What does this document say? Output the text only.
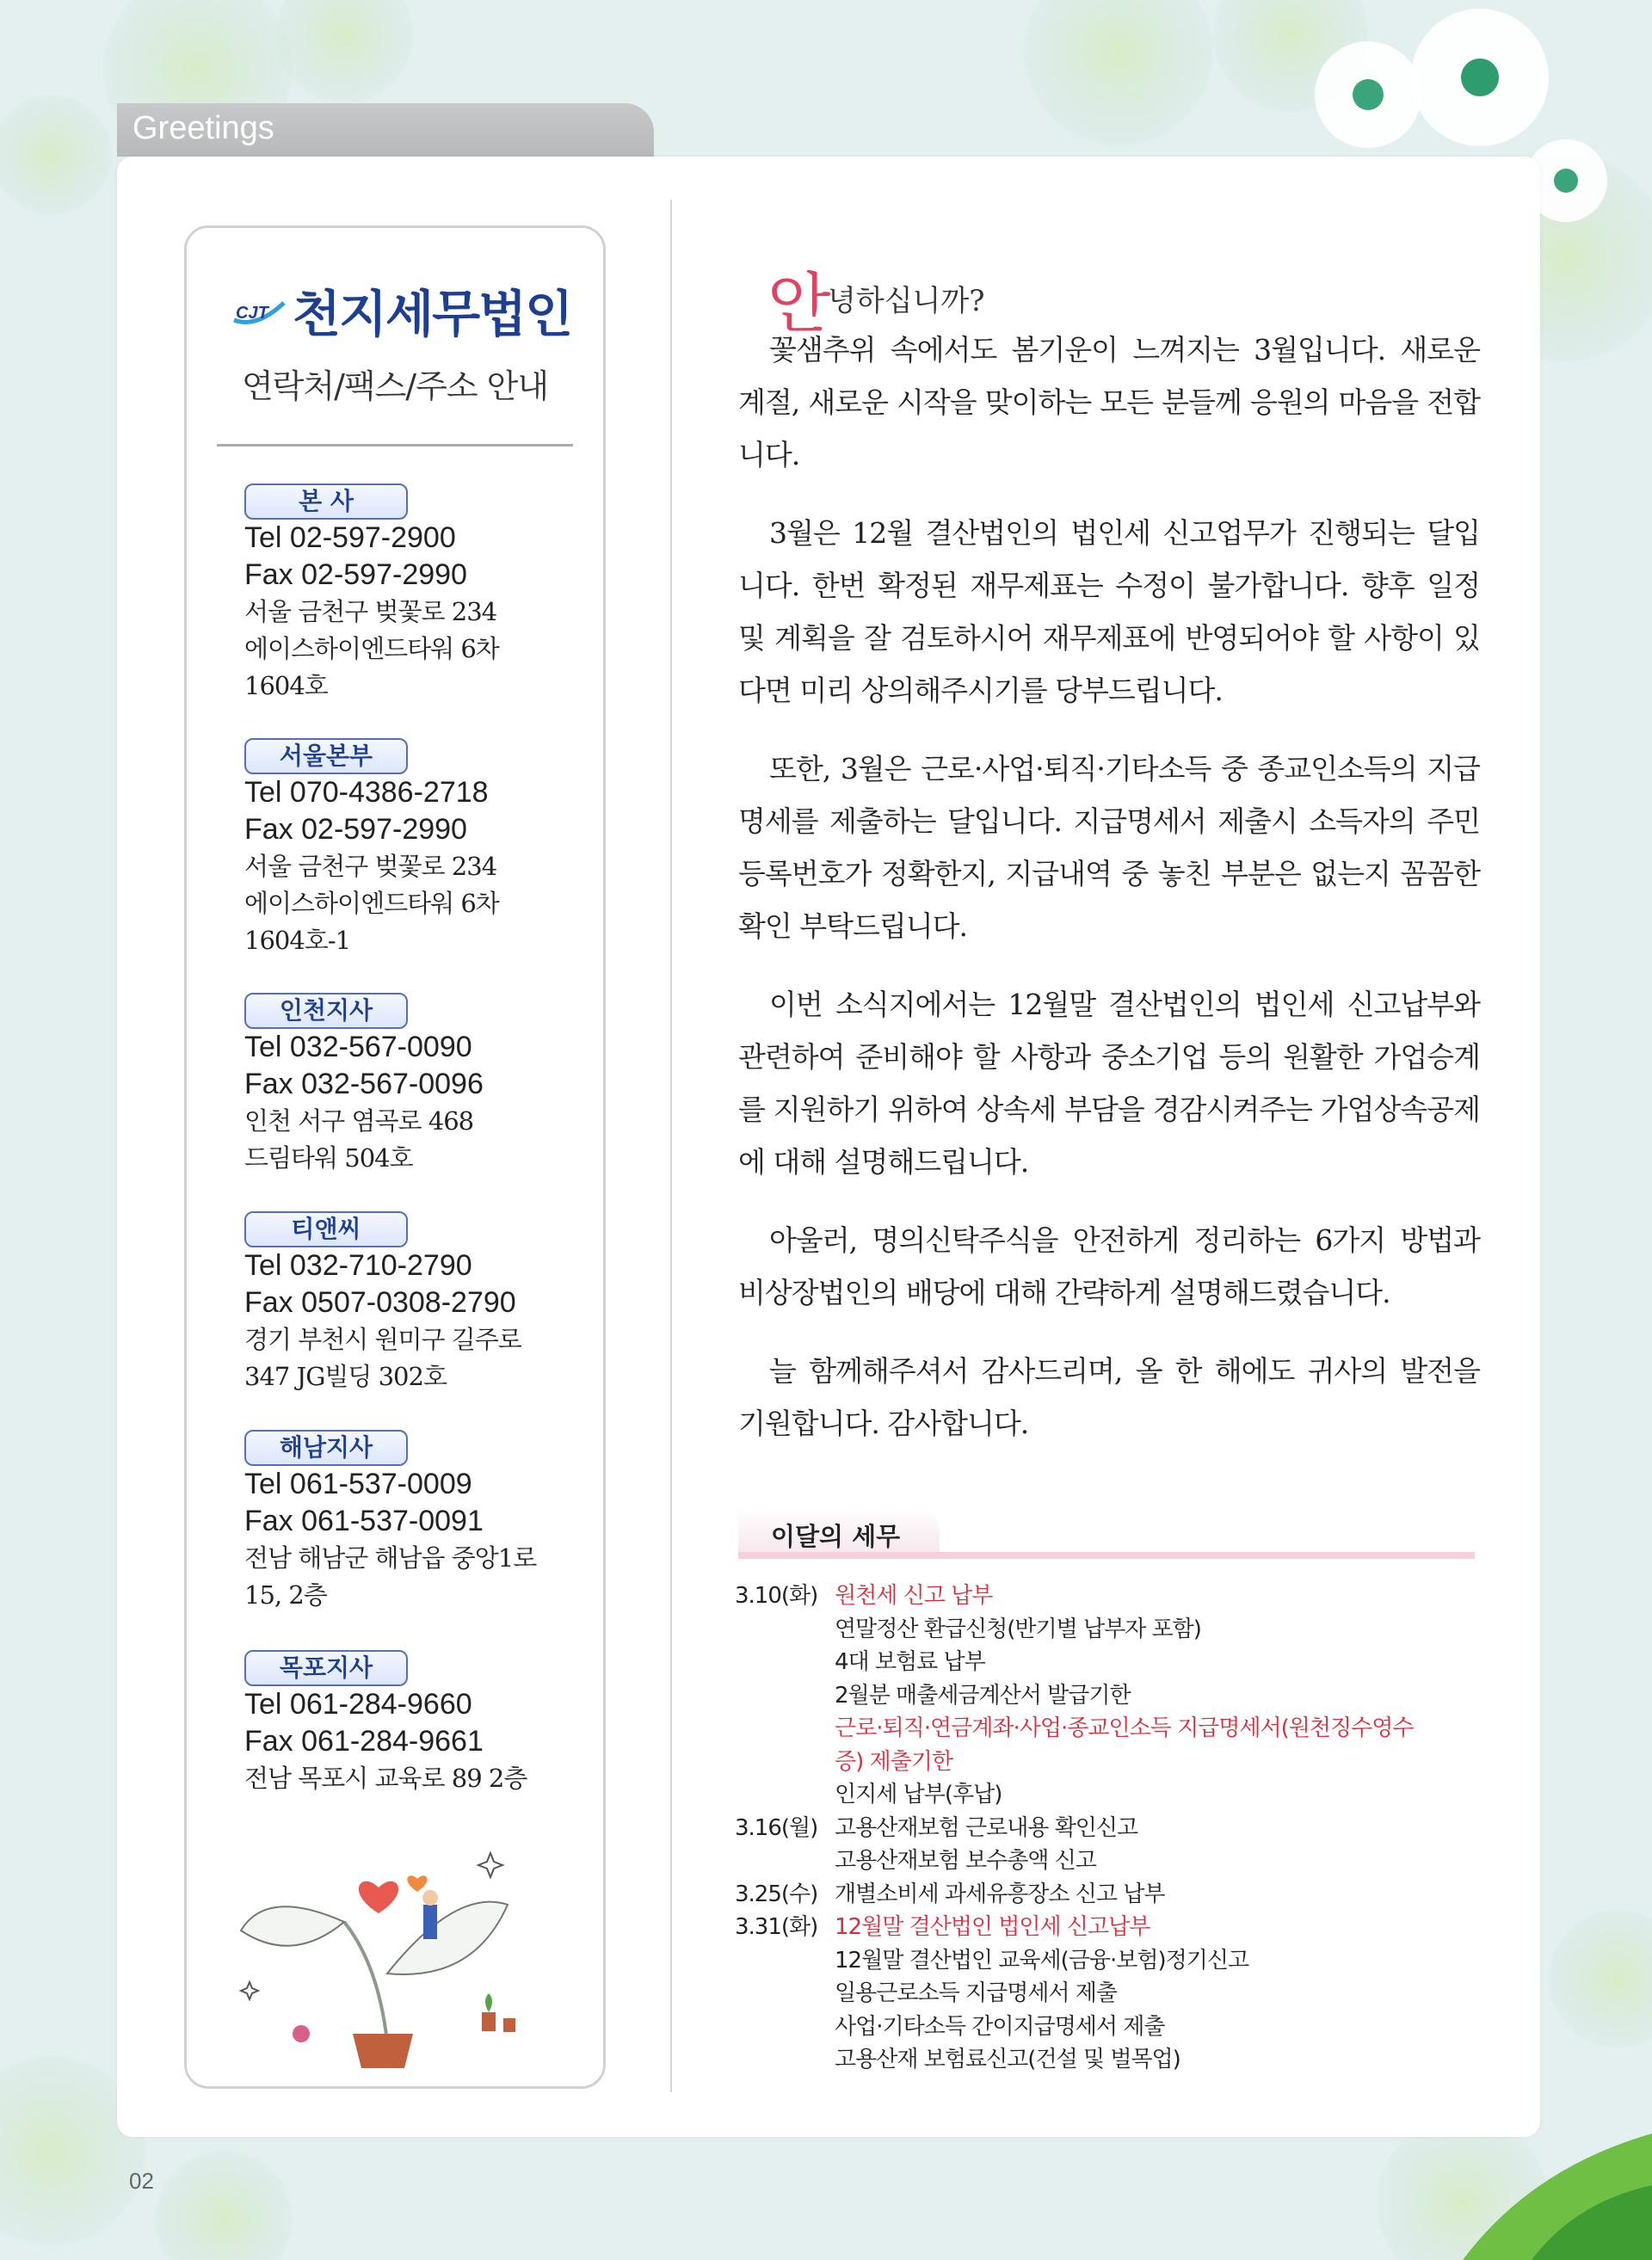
Greetings
CJT 천지세무법인
연락처/팩스/주소 안내
본 사
Tel 02-597-2900
Fax 02-597-2990
서울 금천구 벚꽃로 234
에이스하이엔드타워 6차
1604호
서울본부
Tel 070-4386-2718
Fax 02-597-2990
서울 금천구 벚꽃로 234
에이스하이엔드타워 6차
1604호-1
인천지사
Tel 032-567-0090
Fax 032-567-0096
인천 서구 염곡로 468
드림타워 504호
티앤씨
Tel 032-710-2790
Fax 0507-0308-2790
경기 부천시 원미구 길주로
347 JG빌딩 302호
해남지사
Tel 061-537-0009
Fax 061-537-0091
전남 해남군 해남읍 중앙1로
15, 2층
목포지사
Tel 061-284-9660
Fax 061-284-9661
전남 목포시 교육로 89 2층
안
녕하십니까?

꽃샘추위 속에서도 봄기운이 느껴지는 3월입니다. 새로운 계절, 새로운 시작을 맞이하는 모든 분들께 응원의 마음을 전합니다.

3월은 12월 결산법인의 법인세 신고업무가 진행되는 달입니다. 한번 확정된 재무제표는 수정이 불가합니다. 향후 일정 및 계획을 잘 검토하시어 재무제표에 반영되어야 할 사항이 있다면 미리 상의해주시기를 당부드립니다.

또한, 3월은 근로·사업·퇴직·기타소득 중 종교인소득의 지급명세를 제출하는 달입니다. 지급명세서 제출시 소득자의 주민등록번호가 정확한지, 지급내역 중 놓친 부분은 없는지 꼼꼼한 확인 부탁드립니다.

이번 소식지에서는 12월말 결산법인의 법인세 신고납부와 관련하여 준비해야 할 사항과 중소기업 등의 원활한 가업승계를 지원하기 위하여 상속세 부담을 경감시켜주는 가업상속공제에 대해 설명해드립니다.

아울러, 명의신탁주식을 안전하게 정리하는 6가지 방법과 비상장법인의 배당에 대해 간략하게 설명해드렸습니다.

늘 함께해주셔서 감사드리며, 올 한 해에도 귀사의 발전을 기원합니다. 감사합니다.

이달의 세무
3.10(화) 원천세 신고 납부
연말정산 환급신청(반기별 납부자 포함)
4대 보험료 납부
2월분 매출세금계산서 발급기한
근로·퇴직·연금계좌·사업·종교인소득 지급명세서(원천징수영수
증) 제출기한
인지세 납부(후납)
3.16(월) 고용산재보험 근로내용 확인신고
고용산재보험 보수총액 신고
3.25(수) 개별소비세 과세유흥장소 신고 납부
3.31(화) 12월말 결산법인 법인세 신고납부
12월말 결산법인 교육세(금융·보험)정기신고
일용근로소득 지급명세서 제출
사업·기타소득 간이지급명세서 제출
고용산재 보험료신고(건설 및 벌목업)
02
